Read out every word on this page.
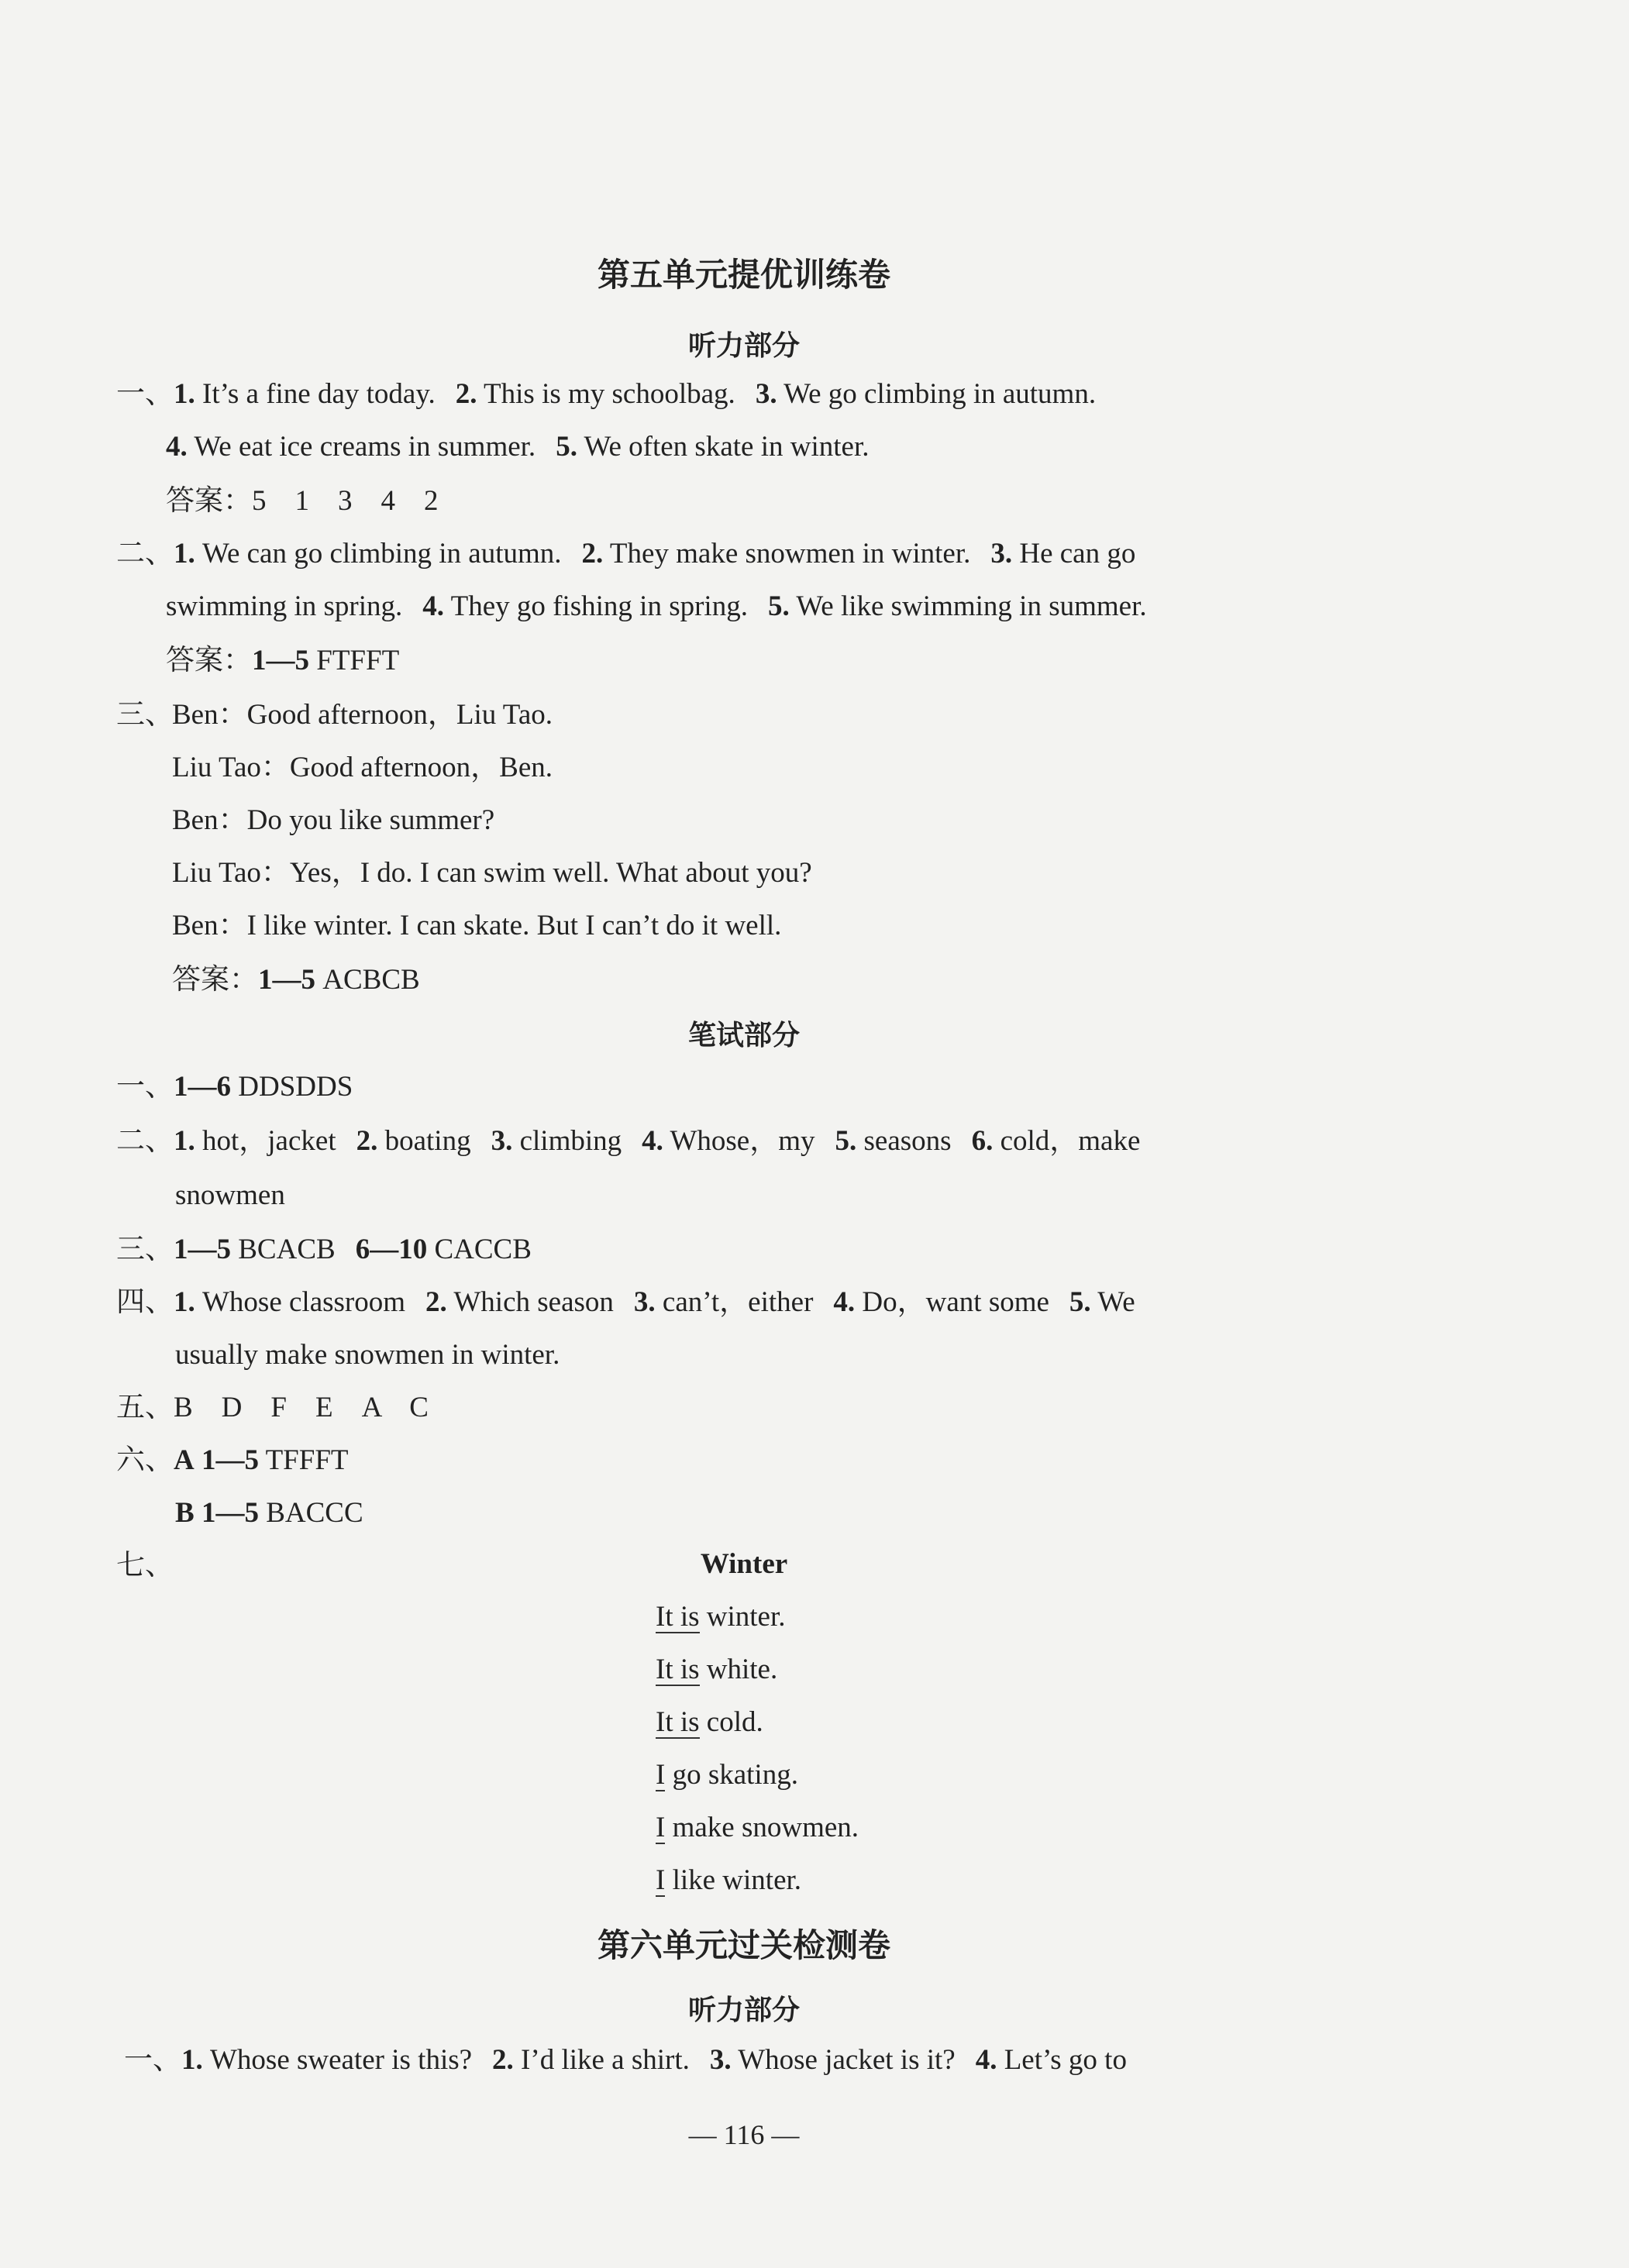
第五单元提优训练卷
听力部分
一、1. It’s a fine day today. 2. This is my schoolbag. 3. We go climbing in autumn.
4. We eat ice creams in summer. 5. We often skate in winter.
答案：5　1　3　4　2
二、1. We can go climbing in autumn. 2. They make snowmen in winter. 3. He can go
swimming in spring. 4. They go fishing in spring. 5. We like swimming in summer.
答案：1—5 FTFFT
三、
Ben：Good afternoon，Liu Tao.
Liu Tao：Good afternoon，Ben.
Ben：Do you like summer?
Liu Tao：Yes，I do. I can swim well. What about you?
Ben：I like winter. I can skate. But I can’t do it well.
答案：1—5 ACBCB
笔试部分
一、1—6 DDSDDS
二、1. hot，jacket 2. boating 3. climbing 4. Whose，my 5. seasons 6. cold，make
snowmen
三、1—5 BCACB 6—10 CACCB
四、1. Whose classroom 2. Which season 3. can’t，either 4. Do，want some 5. We
usually make snowmen in winter.
五、B　D　F　E　A　C
六、A 1—5 TFFFT
B 1—5 BACCC
七、	Winter
It is winter.
It is white.
It is cold.
I go skating.
I make snowmen.
I like winter.
第六单元过关检测卷
听力部分
一、1. Whose sweater is this? 2. I’d like a shirt. 3. Whose jacket is it? 4. Let’s go to
— 116 —
